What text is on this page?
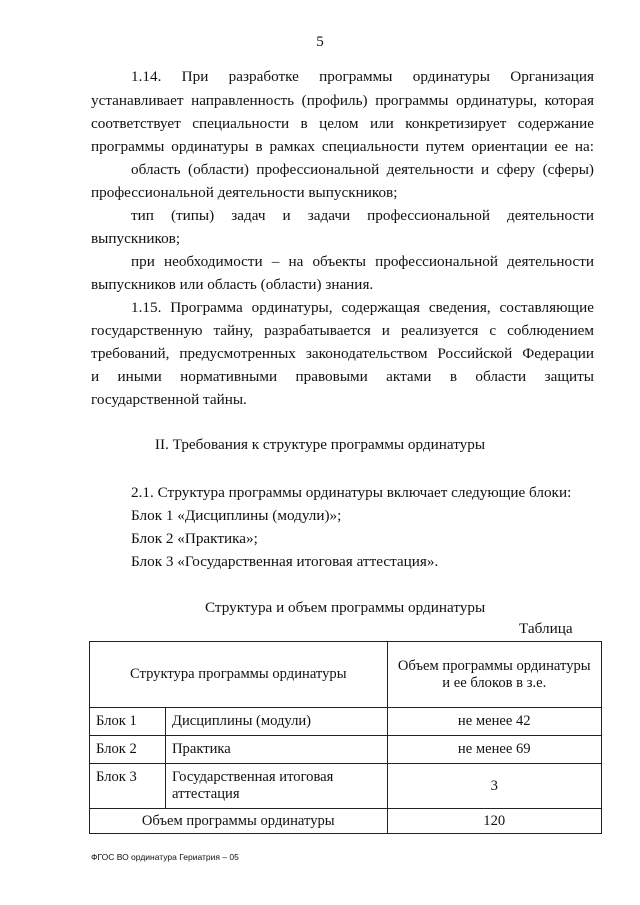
5
1.14. При разработке программы ординатуры Организация
устанавливает направленность (профиль) программы ординатуры, которая
соответствует специальности в целом или конкретизирует содержание
программы ординатуры в рамках специальности путем ориентации ее на:
область (области) профессиональной деятельности и сферу (сферы)
профессиональной деятельности выпускников;
тип (типы) задач и задачи профессиональной деятельности
выпускников;
при необходимости – на объекты профессиональной деятельности
выпускников или область (области) знания.
1.15. Программа ординатуры, содержащая сведения, составляющие
государственную тайну, разрабатывается и реализуется с соблюдением
требований, предусмотренных законодательством Российской Федерации
и иными нормативными правовыми актами в области защиты
государственной тайны.
II. Требования к структуре программы ординатуры
2.1. Структура программы ординатуры включает следующие блоки:
Блок 1 «Дисциплины (модули)»;
Блок 2 «Практика»;
Блок 3 «Государственная итоговая аттестация».
Структура и объем программы ординатуры
Таблица
Структура программы ординатуры		Объем программы ординатуры и ее блоков в з.е.
Блок 1	Дисциплины (модули)	не менее 42
Блок 2	Практика	не менее 69
Блок 3	Государственная итоговая аттестация	3
Объем программы ординатуры		120
ФГОС ВО ординатура Гериатрия – 05
